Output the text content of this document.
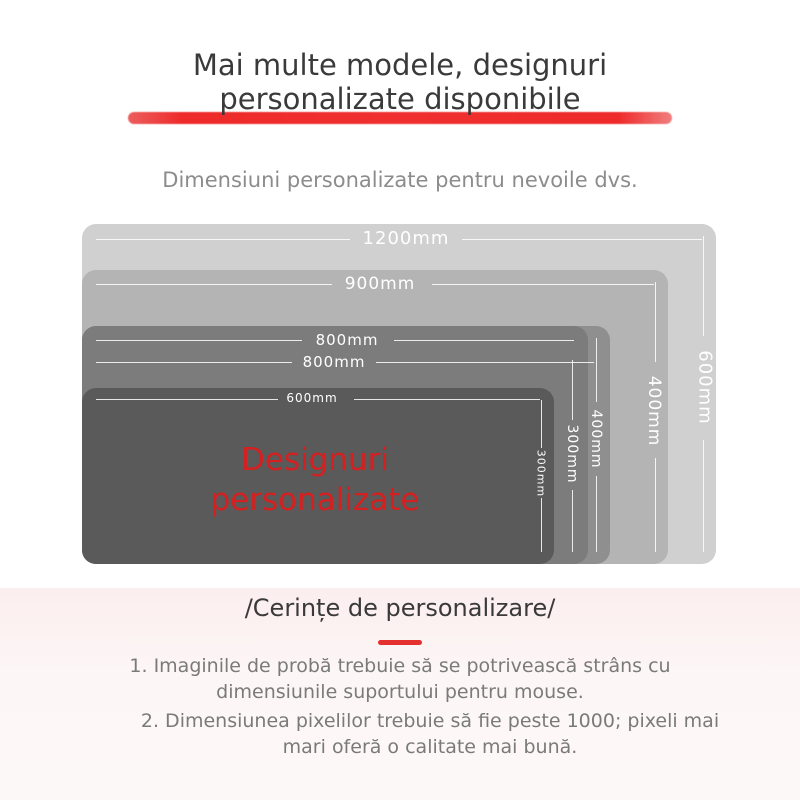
Mai multe modele, designuri
personalizate disponibile
Dimensiuni personalizate pentru nevoile dvs.
1200mm
600mm
900mm
400mm
800mm
800mm
400mm
300mm
600mm
300mm
Designuri
personalizate
/Cerințe de personalizare/
1. Imaginile de probă trebuie să se potrivească strâns cu
dimensiunile suportului pentru mouse.
2. Dimensiunea pixelilor trebuie să fie peste 1000; pixeli mai
mari oferă o calitate mai bună.
